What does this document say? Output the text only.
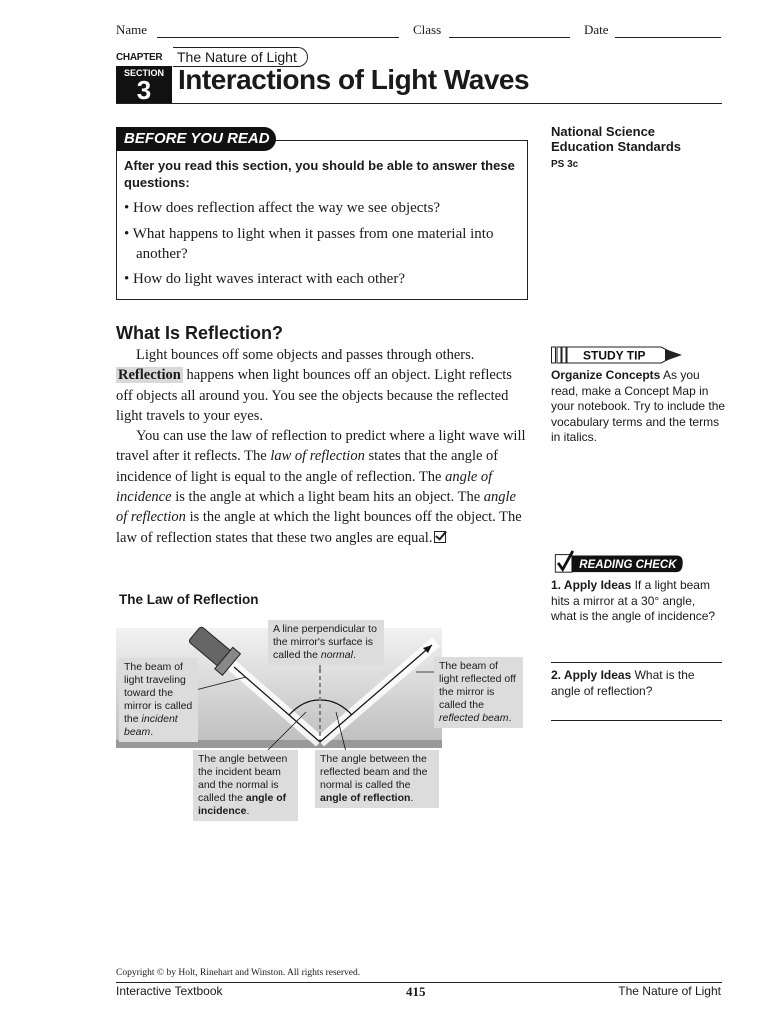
Name	Class	Date
CHAPTER	The Nature of Light
SECTION
3 Interactions of Light Waves
BEFORE YOU READ
After you read this section, you should be able to answer these questions:
• How does reflection affect the way we see objects?
• What happens to light when it passes from one material into another?
• How do light waves interact with each other?
National Science Education Standards
PS 3c
What Is Reflection?

Light bounces off some objects and passes through others. Reflection happens when light bounces off an object. Light reflects off objects all around you. You see the objects because the reflected light travels to your eyes.

You can use the law of reflection to predict where a light wave will travel after it reflects. The law of reflection states that the angle of incidence of light is equal to the angle of reflection. The angle of incidence is the angle at which a light beam hits an object. The angle of reflection is the angle at which the light bounces off the object. The law of reflection states that these two angles are equal.

STUDY TIP
Organize Concepts As you read, make a Concept Map in your notebook. Try to include the vocabulary terms and the terms in italics.
READING CHECK
1. Apply Ideas If a light beam hits a mirror at a 30° angle, what is the angle of incidence?
2. Apply Ideas What is the angle of reflection?
The Law of Reflection
A line perpendicular to the mirror's surface is called the normal.
The beam of light traveling toward the mirror is called the incident beam.
The beam of light reflected off the mirror is called the reflected beam.
The angle between the incident beam and the normal is called the angle of incidence.
The angle between the reflected beam and the normal is called the angle of reflection.
Copyright © by Holt, Rinehart and Winston. All rights reserved.
Interactive Textbook	415	The Nature of Light
